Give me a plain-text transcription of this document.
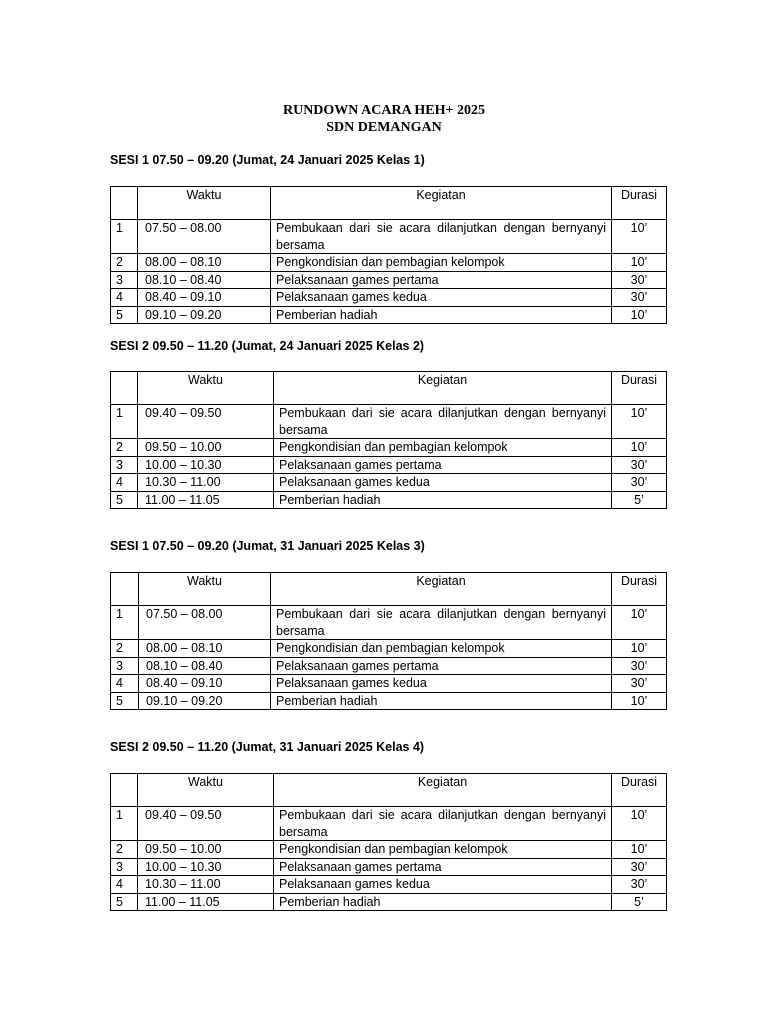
RUNDOWN ACARA HEH+ 2025
SDN DEMANGAN
SESI 1 07.50 – 09.20 (Jumat, 24 Januari 2025 Kelas 1)
	Waktu	Kegiatan	Durasi
1	07.50 – 08.00	Pembukaan dari sie acara dilanjutkan dengan bernyanyi bersama	10’
2	08.00 – 08.10	Pengkondisian dan pembagian kelompok	10’
3	08.10 – 08.40	Pelaksanaan games pertama	30’
4	08.40 – 09.10	Pelaksanaan games kedua	30’
5	09.10 – 09.20	Pemberian hadiah	10’
SESI 2 09.50 – 11.20 (Jumat, 24 Januari 2025 Kelas 2)
	Waktu	Kegiatan	Durasi
1	09.40 – 09.50	Pembukaan dari sie acara dilanjutkan dengan bernyanyi bersama	10’
2	09.50 – 10.00	Pengkondisian dan pembagian kelompok	10’
3	10.00 – 10.30	Pelaksanaan games pertama	30’
4	10.30 – 11.00	Pelaksanaan games kedua	30’
5	11.00 – 11.05	Pemberian hadiah	5’
SESI 1 07.50 – 09.20 (Jumat, 31 Januari 2025 Kelas 3)
	Waktu	Kegiatan	Durasi
1	07.50 – 08.00	Pembukaan dari sie acara dilanjutkan dengan bernyanyi bersama	10’
2	08.00 – 08.10	Pengkondisian dan pembagian kelompok	10’
3	08.10 – 08.40	Pelaksanaan games pertama	30’
4	08.40 – 09.10	Pelaksanaan games kedua	30’
5	09.10 – 09.20	Pemberian hadiah	10’
SESI 2 09.50 – 11.20 (Jumat, 31 Januari 2025 Kelas 4)
	Waktu	Kegiatan	Durasi
1	09.40 – 09.50	Pembukaan dari sie acara dilanjutkan dengan bernyanyi bersama	10’
2	09.50 – 10.00	Pengkondisian dan pembagian kelompok	10’
3	10.00 – 10.30	Pelaksanaan games pertama	30’
4	10.30 – 11.00	Pelaksanaan games kedua	30’
5	11.00 – 11.05	Pemberian hadiah	5’
